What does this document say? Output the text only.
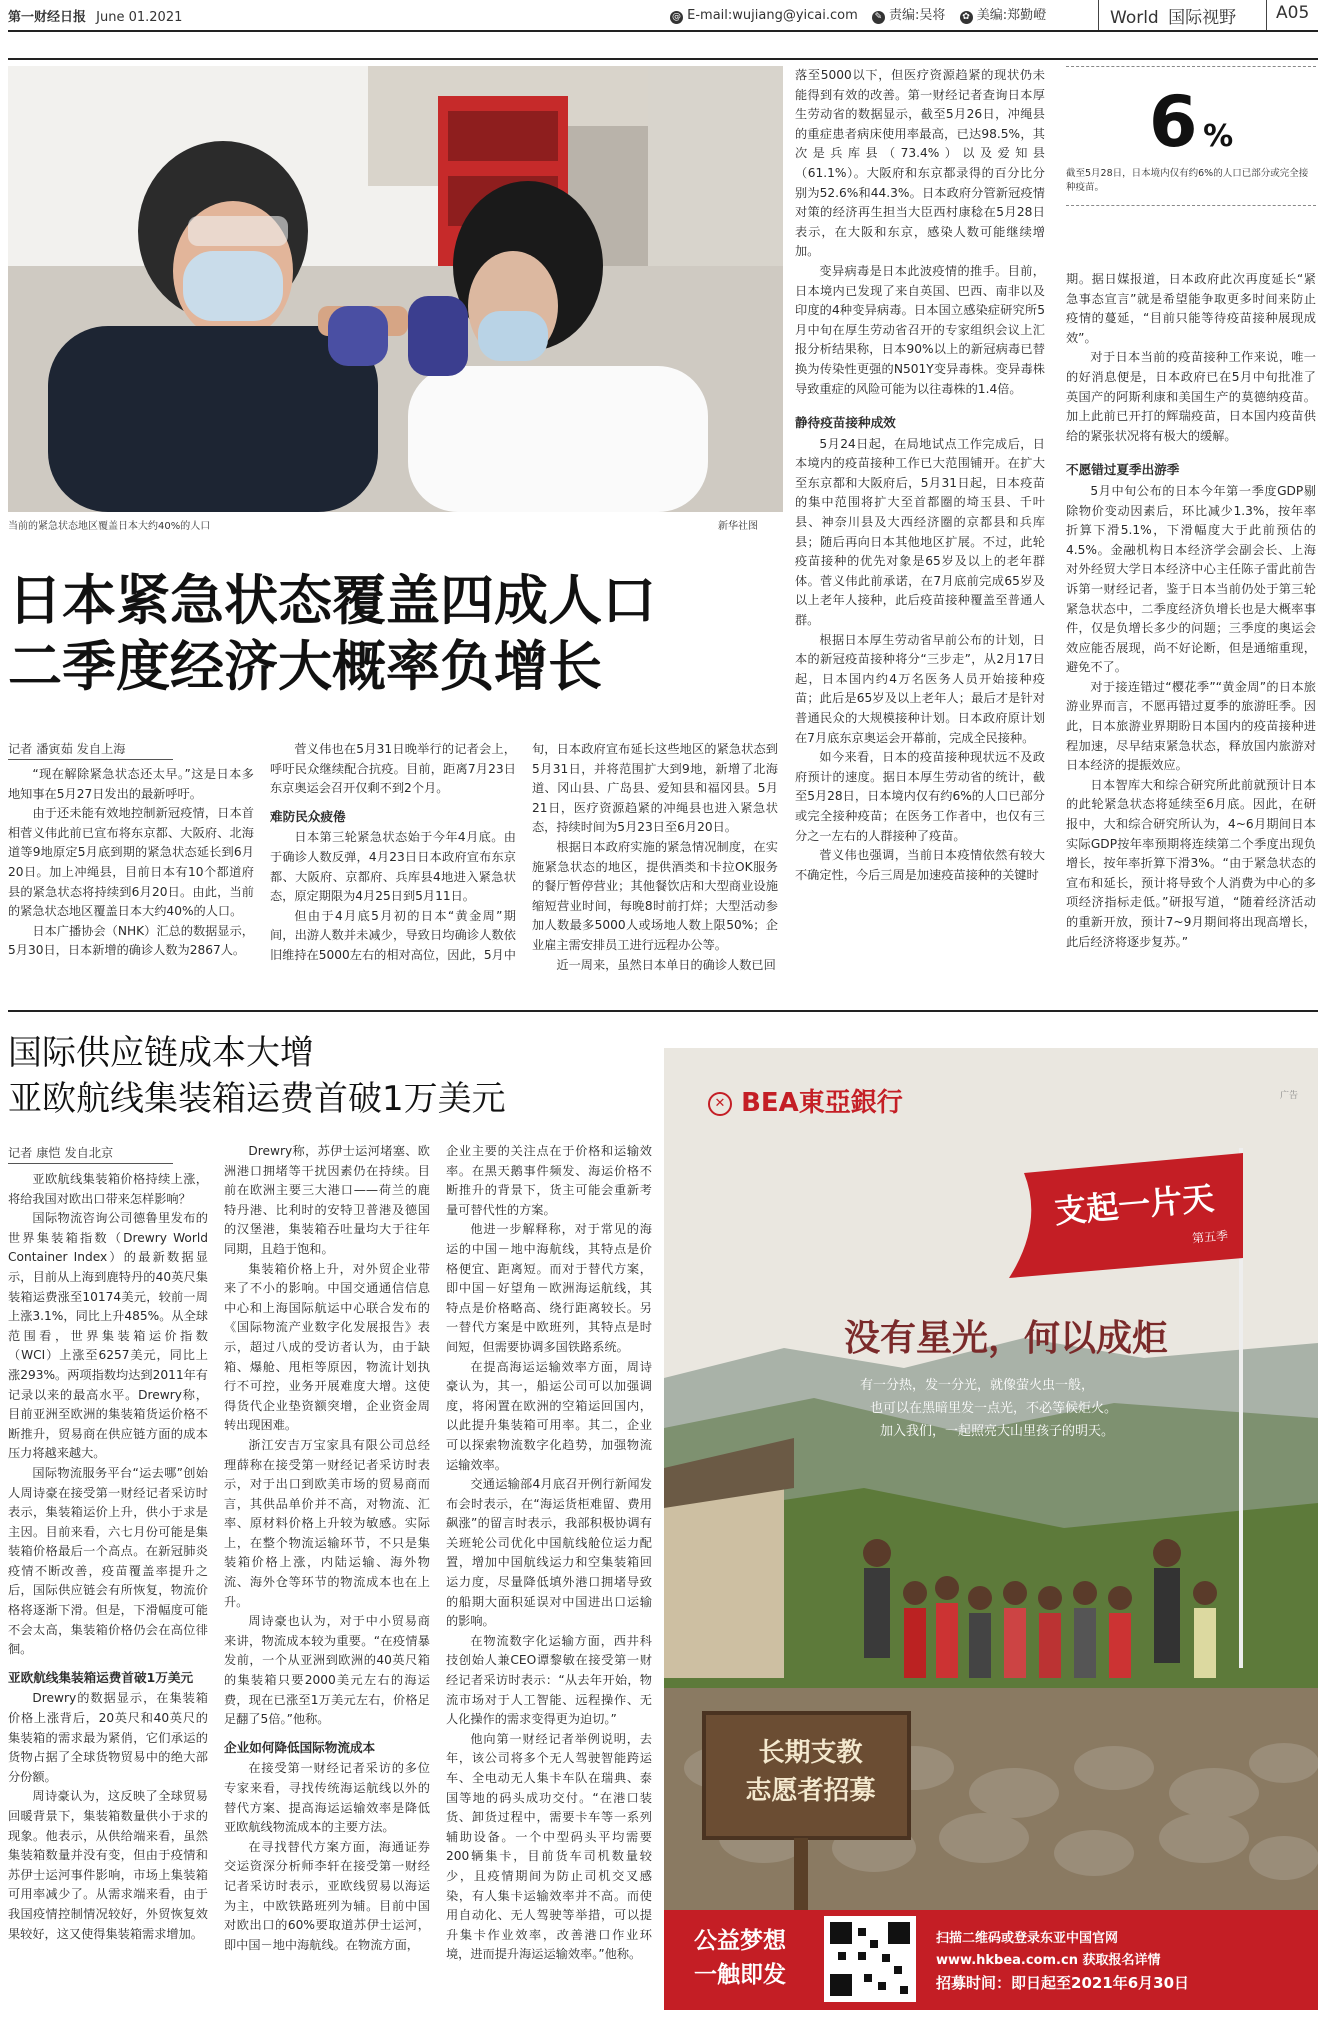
第一财经日报 June 01.2021	@ E-mail:wujiang@yicai.com ✎ 责编:吴将 ✿ 美编:郑勤嶝	World 国际视野 A05
当前的紧急状态地区覆盖日本大约40%的人口	新华社图
日本紧急状态覆盖四成人口
二季度经济大概率负增长
记者 潘寅茹 发自上海

“现在解除紧急状态还太早。”这是日本多地知事在5月27日发出的最新呼吁。

由于还未能有效地控制新冠疫情，日本首相菅义伟此前已宣布将东京都、大阪府、北海道等9地原定5月底到期的紧急状态延长到6月20日。加上冲绳县，目前日本有10个都道府县的紧急状态将持续到6月20日。由此，当前的紧急状态地区覆盖日本大约40%的人口。

日本广播协会（NHK）汇总的数据显示，5月30日，日本新增的确诊人数为2867人。

菅义伟也在5月31日晚举行的记者会上，呼吁民众继续配合抗疫。目前，距离7月23日东京奥运会召开仅剩不到2个月。

难防民众疲倦

日本第三轮紧急状态始于今年4月底。由于确诊人数反弹，4月23日日本政府宣布东京都、大阪府、京都府、兵库县4地进入紧急状态，原定期限为4月25日到5月11日。

但由于4月底5月初的日本“黄金周”期间，出游人数并未减少，导致日均确诊人数依旧维持在5000左右的相对高位，因此，5月中

旬，日本政府宣布延长这些地区的紧急状态到5月31日，并将范围扩大到9地，新增了北海道、冈山县、广岛县、爱知县和福冈县。5月21日，医疗资源趋紧的冲绳县也进入紧急状态，持续时间为5月23日至6月20日。

根据日本政府实施的紧急情况制度，在实施紧急状态的地区，提供酒类和卡拉OK服务的餐厅暂停营业；其他餐饮店和大型商业设施缩短营业时间，每晚8时前打烊；大型活动参加人数最多5000人或场地人数上限50%；企业雇主需安排员工进行远程办公等。

近一周来，虽然日本单日的确诊人数已回

落至5000以下，但医疗资源趋紧的现状仍未能得到有效的改善。第一财经记者查询日本厚生劳动省的数据显示，截至5月26日，冲绳县的重症患者病床使用率最高，已达98.5%，其次是兵库县（73.4%）以及爱知县（61.1%）。大阪府和东京都录得的百分比分别为52.6%和44.3%。日本政府分管新冠疫情对策的经济再生担当大臣西村康稔在5月28日表示，在大阪和东京，感染人数可能继续增加。

变异病毒是日本此波疫情的推手。目前，日本境内已发现了来自英国、巴西、南非以及印度的4种变异病毒。日本国立感染症研究所5月中旬在厚生劳动省召开的专家组织会议上汇报分析结果称，日本90%以上的新冠病毒已替换为传染性更强的N501Y变异毒株。变异毒株导致重症的风险可能为以往毒株的1.4倍。

静待疫苗接种成效

5月24日起，在局地试点工作完成后，日本境内的疫苗接种工作已大范围铺开。在扩大至东京都和大阪府后，5月31日起，日本疫苗的集中范围将扩大至首都圈的埼玉县、千叶县、神奈川县及大西经济圈的京都县和兵库县；随后再向日本其他地区扩展。不过，此轮疫苗接种的优先对象是65岁及以上的老年群体。菅义伟此前承诺，在7月底前完成65岁及以上老年人接种，此后疫苗接种覆盖至普通人群。

根据日本厚生劳动省早前公布的计划，日本的新冠疫苗接种将分“三步走”，从2月17日起，日本国内约4万名医务人员开始接种疫苗；此后是65岁及以上老年人；最后才是针对普通民众的大规模接种计划。日本政府原计划在7月底东京奥运会开幕前，完成全民接种。

如今来看，日本的疫苗接种现状远不及政府预计的速度。据日本厚生劳动省的统计，截至5月28日，日本境内仅有约6%的人口已部分或完全接种疫苗；在医务工作者中，也仅有三分之一左右的人群接种了疫苗。

菅义伟也强调，当前日本疫情依然有较大不确定性，今后三周是加速疫苗接种的关键时

6 %
截至5月28日，日本境内仅有约6%的人口已部分或完全接种疫苗。

期。据日媒报道，日本政府此次再度延长“紧急事态宣言”就是希望能争取更多时间来防止疫情的蔓延，“目前只能等待疫苗接种展现成效”。

对于日本当前的疫苗接种工作来说，唯一的好消息便是，日本政府已在5月中旬批准了英国产的阿斯利康和美国生产的莫德纳疫苗。加上此前已开打的辉瑞疫苗，日本国内疫苗供给的紧张状况将有极大的缓解。

不愿错过夏季出游季

5月中旬公布的日本今年第一季度GDP剔除物价变动因素后，环比减少1.3%，按年率折算下滑5.1%，下滑幅度大于此前预估的4.5%。金融机构日本经济学会副会长、上海对外经贸大学日本经济中心主任陈子雷此前告诉第一财经记者，鉴于日本当前仍处于第三轮紧急状态中，二季度经济负增长也是大概率事件，仅是负增长多少的问题；三季度的奥运会效应能否展现，尚不好论断，但是通缩重现，避免不了。

对于接连错过“樱花季”“黄金周”的日本旅游业界而言，不愿再错过夏季的旅游旺季。因此，日本旅游业界期盼日本国内的疫苗接种进程加速，尽早结束紧急状态，释放国内旅游对日本经济的提振效应。

日本智库大和综合研究所此前就预计日本的此轮紧急状态将延续至6月底。因此，在研报中，大和综合研究所认为，4~6月期间日本实际GDP按年率预期将连续第二个季度出现负增长，按年率折算下滑3%。“由于紧急状态的宣布和延长，预计将导致个人消费为中心的多项经济指标走低。”研报写道，“随着经济活动的重新开放，预计7~9月期间将出现高增长，此后经济将逐步复苏。”

国际供应链成本大增
亚欧航线集装箱运费首破1万美元
记者 康恺 发自北京

亚欧航线集装箱价格持续上涨，将给我国对欧出口带来怎样影响？

国际物流咨询公司德鲁里发布的世界集装箱指数（Drewry World Container Index）的最新数据显示，目前从上海到鹿特丹的40英尺集装箱运费涨至10174美元，较前一周上涨3.1%，同比上升485%。从全球范围看，世界集装箱运价指数（WCI）上涨至6257美元，同比上涨293%。两项指数均达到2011年有记录以来的最高水平。Drewry称，目前亚洲至欧洲的集装箱货运价格不断推升，贸易商在供应链方面的成本压力将越来越大。

国际物流服务平台“运去哪”创始人周诗豪在接受第一财经记者采访时表示，集装箱运价上升，供小于求是主因。目前来看，六七月份可能是集装箱价格最后一个高点。在新冠肺炎疫情不断改善，疫苗覆盖率提升之后，国际供应链会有所恢复，物流价格将逐渐下滑。但是，下滑幅度可能不会太高，集装箱价格仍会在高位徘徊。

亚欧航线集装箱运费首破1万美元

Drewry的数据显示，在集装箱价格上涨背后，20英尺和40英尺的集装箱的需求最为紧俏，它们承运的货物占据了全球货物贸易中的绝大部分份额。

周诗豪认为，这反映了全球贸易回暖背景下，集装箱数量供小于求的现象。他表示，从供给端来看，虽然集装箱数量并没有变，但由于疫情和苏伊士运河事件影响，市场上集装箱可用率减少了。从需求端来看，由于我国疫情控制情况较好，外贸恢复效果较好，这又使得集装箱需求增加。

Drewry称，苏伊士运河堵塞、欧洲港口拥堵等干扰因素仍在持续。目前在欧洲主要三大港口——荷兰的鹿特丹港、比利时的安特卫普港及德国的汉堡港，集装箱吞吐量均大于往年同期，且趋于饱和。

集装箱价格上升，对外贸企业带来了不小的影响。中国交通通信信息中心和上海国际航运中心联合发布的《国际物流产业数字化发展报告》表示，超过八成的受访者认为，由于缺箱、爆舱、甩柜等原因，物流计划执行不可控，业务开展难度大增。这使得货代企业垫资额突增，企业资金周转出现困难。

浙江安吉万宝家具有限公司总经理薛称在接受第一财经记者采访时表示，对于出口到欧美市场的贸易商而言，其供品单价并不高，对物流、汇率、原材料价格上升较为敏感。实际上，在整个物流运输环节，不只是集装箱价格上涨，内陆运输、海外物流、海外仓等环节的物流成本也在上升。

周诗豪也认为，对于中小贸易商来讲，物流成本较为重要。“在疫情暴发前，一个从亚洲到欧洲的40英尺箱的集装箱只要2000美元左右的海运费，现在已涨至1万美元左右，价格足足翻了5倍。”他称。

企业如何降低国际物流成本

在接受第一财经记者采访的多位专家来看，寻找传统海运航线以外的替代方案、提高海运运输效率是降低亚欧航线物流成本的主要方法。

在寻找替代方案方面，海通证券交运资深分析师李轩在接受第一财经记者采访时表示，亚欧线贸易以海运为主，中欧铁路班列为辅。目前中国对欧出口的60%要取道苏伊士运河，即中国－地中海航线。在物流方面，

企业主要的关注点在于价格和运输效率。在黑天鹅事件频发、海运价格不断推升的背景下，货主可能会重新考量可替代性的方案。

他进一步解释称，对于常见的海运的中国－地中海航线，其特点是价格便宜、距离短。而对于替代方案，即中国－好望角－欧洲海运航线，其特点是价格略高、绕行距离较长。另一替代方案是中欧班列，其特点是时间短，但需要协调多国铁路系统。

在提高海运运输效率方面，周诗豪认为，其一，船运公司可以加强调度，将闲置在欧洲的空箱运回国内，以此提升集装箱可用率。其二，企业可以探索物流数字化趋势，加强物流运输效率。

交通运输部4月底召开例行新闻发布会时表示，在“海运货柜难留、费用飙涨”的留言时表示，我部积极协调有关班轮公司优化中国航线舱位运力配置，增加中国航线运力和空集装箱回运力度，尽量降低填外港口拥堵导致的船期大面积延误对中国进出口运输的影响。

在物流数字化运输方面，西井科技创始人兼CEO谭黎敏在接受第一财经记者采访时表示：“从去年开始，物流市场对于人工智能、远程操作、无人化操作的需求变得更为迫切。”

他向第一财经记者举例说明，去年，该公司将多个无人驾驶智能跨运车、全电动无人集卡车队在瑞典、泰国等地的码头成功交付。“在港口装货、卸货过程中，需要卡车等一系列辅助设备。一个中型码头平均需要200辆集卡，目前货车司机数量较少，且疫情期间为防止司机交叉感染，有人集卡运输效率并不高。而使用自动化、无人驾驶等举措，可以提升集卡作业效率，改善港口作业环境，进而提升海运运输效率。”他称。

✕ BEA東亞銀行	广告
支起一片天
第五季
没有星光，何以成炬
有一分热，发一分光，就像萤火虫一般，
也可以在黑暗里发一点光，不必等候炬火。
加入我们，一起照亮大山里孩子的明天。
长期支教
志愿者招募
公益梦想
一触即发
扫描二维码或登录东亚中国官网
www.hkbea.com.cn 获取报名详情
招募时间：即日起至2021年6月30日
